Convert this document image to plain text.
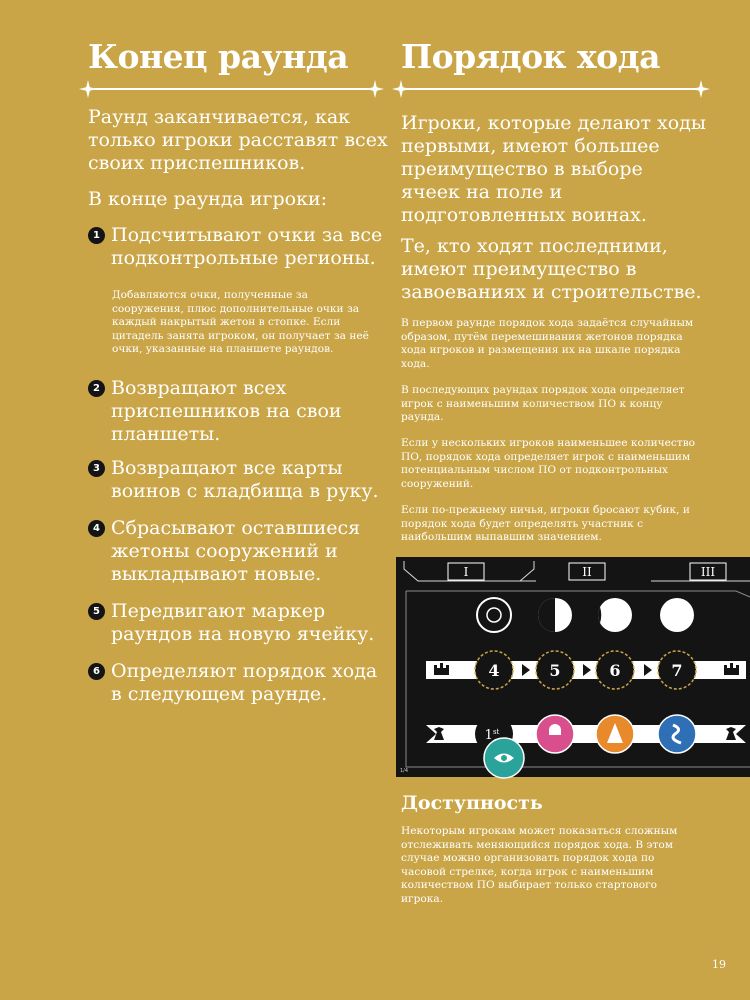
Конец раунда
Раунд заканчивается, как только игроки расставят всех своих приспешников.
В конце раунда игроки:
1 Подсчитывают очки за все подконтрольные регионы.
Добавляются очки, полученные за сооружения, плюс дополнительные очки за каждый накрытый жетон в стопке. Если цитадель занята игроком, он получает за неё очки, указанные на планшете раундов.
2 Возвращают всех приспешников на свои планшеты.
3 Возвращают все карты воинов с кладбища в руку.
4 Сбрасывают оставшиеся жетоны сооружений и выкладывают новые.
5 Передвигают маркер раундов на новую ячейку.
6 Определяют порядок хода в следующем раунде.
Порядок хода
Игроки, которые делают ходы первыми, имеют большее преимущество в выборе ячеек на поле и подготовленных воинах.
Те, кто ходят последними, имеют преимущество в завоеваниях и строительстве.
В первом раунде порядок хода задаётся случайным образом, путём перемешивания жетонов порядка хода игроков и размещения их на шкале порядка хода.
В последующих раундах порядок хода определяет игрок с наименьшим количеством ПО к концу раунда.
Если у нескольких игроков наименьшее количество ПО, порядок хода определяет игрок с наименьшим потенциальным числом ПО от подконтрольных сооружений.
Если по-прежнему ничья, игроки бросают кубик, и порядок хода будет определять участник с наибольшим выпавшим значением.
I	II	III
4	5	6	7
1st
1/4
Доступность
Некоторым игрокам может показаться сложным отслеживать меняющийся порядок хода. В этом случае можно организовать порядок хода по часовой стрелке, когда игрок с наименьшим количеством ПО выбирает только стартового игрока.
19
